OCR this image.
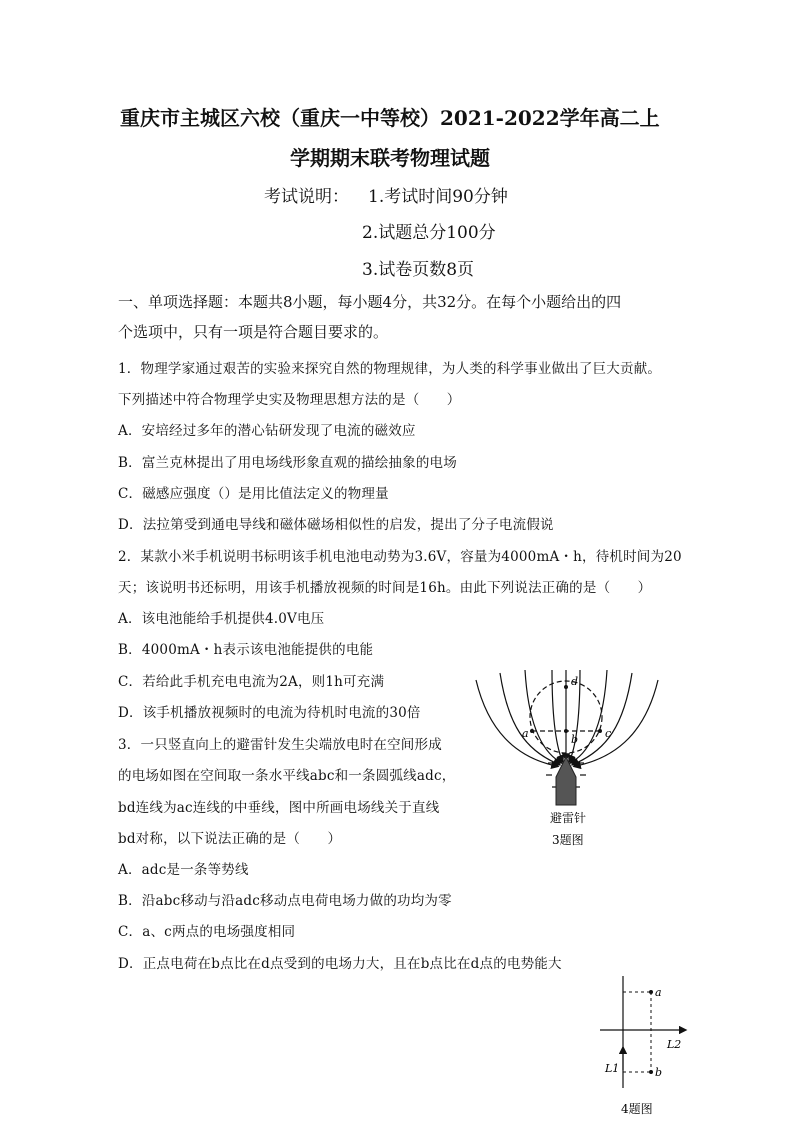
重庆市主城区六校（重庆一中等校）2021-2022学年高二上
学期期末联考物理试题
考试说明： 1.考试时间90分钟
2.试题总分100分
3.试卷页数8页
一、单项选择题：本题共8小题，每小题4分，共32分。在每个小题给出的四
个选项中，只有一项是符合题目要求的。
1．物理学家通过艰苦的实验来探究自然的物理规律，为人类的科学事业做出了巨大贡献。
下列描述中符合物理学史实及物理思想方法的是（　　）
A．安培经过多年的潜心钻研发现了电流的磁效应
B．富兰克林提出了用电场线形象直观的描绘抽象的电场
C．磁感应强度（）是用比值法定义的物理量
D．法拉第受到通电导线和磁体磁场相似性的启发，提出了分子电流假说
2．某款小米手机说明书标明该手机电池电动势为3.6V，容量为4000mA・h，待机时间为20
天；该说明书还标明，用该手机播放视频的时间是16h。由此下列说法正确的是（　　）
A．该电池能给手机提供4.0V电压
B．4000mA・h表示该电池能提供的电能
C．若给此手机充电电流为2A，则1h可充满
D．该手机播放视频时的电流为待机时电流的30倍
3．一只竖直向上的避雷针发生尖端放电时在空间形成
的电场如图在空间取一条水平线abc和一条圆弧线adc，
bd连线为ac连线的中垂线，图中所画电场线关于直线
bd对称，以下说法正确的是（　　）
A．adc是一条等势线
B．沿abc移动与沿adc移动点电荷电场力做的功均为零
C．a、c两点的电场强度相同
D．正点电荷在b点比在d点受到的电场力大，且在b点比在d点的电势能大
a	b c
d
避雷针
3题图
a
b
L1
L2
4题图
